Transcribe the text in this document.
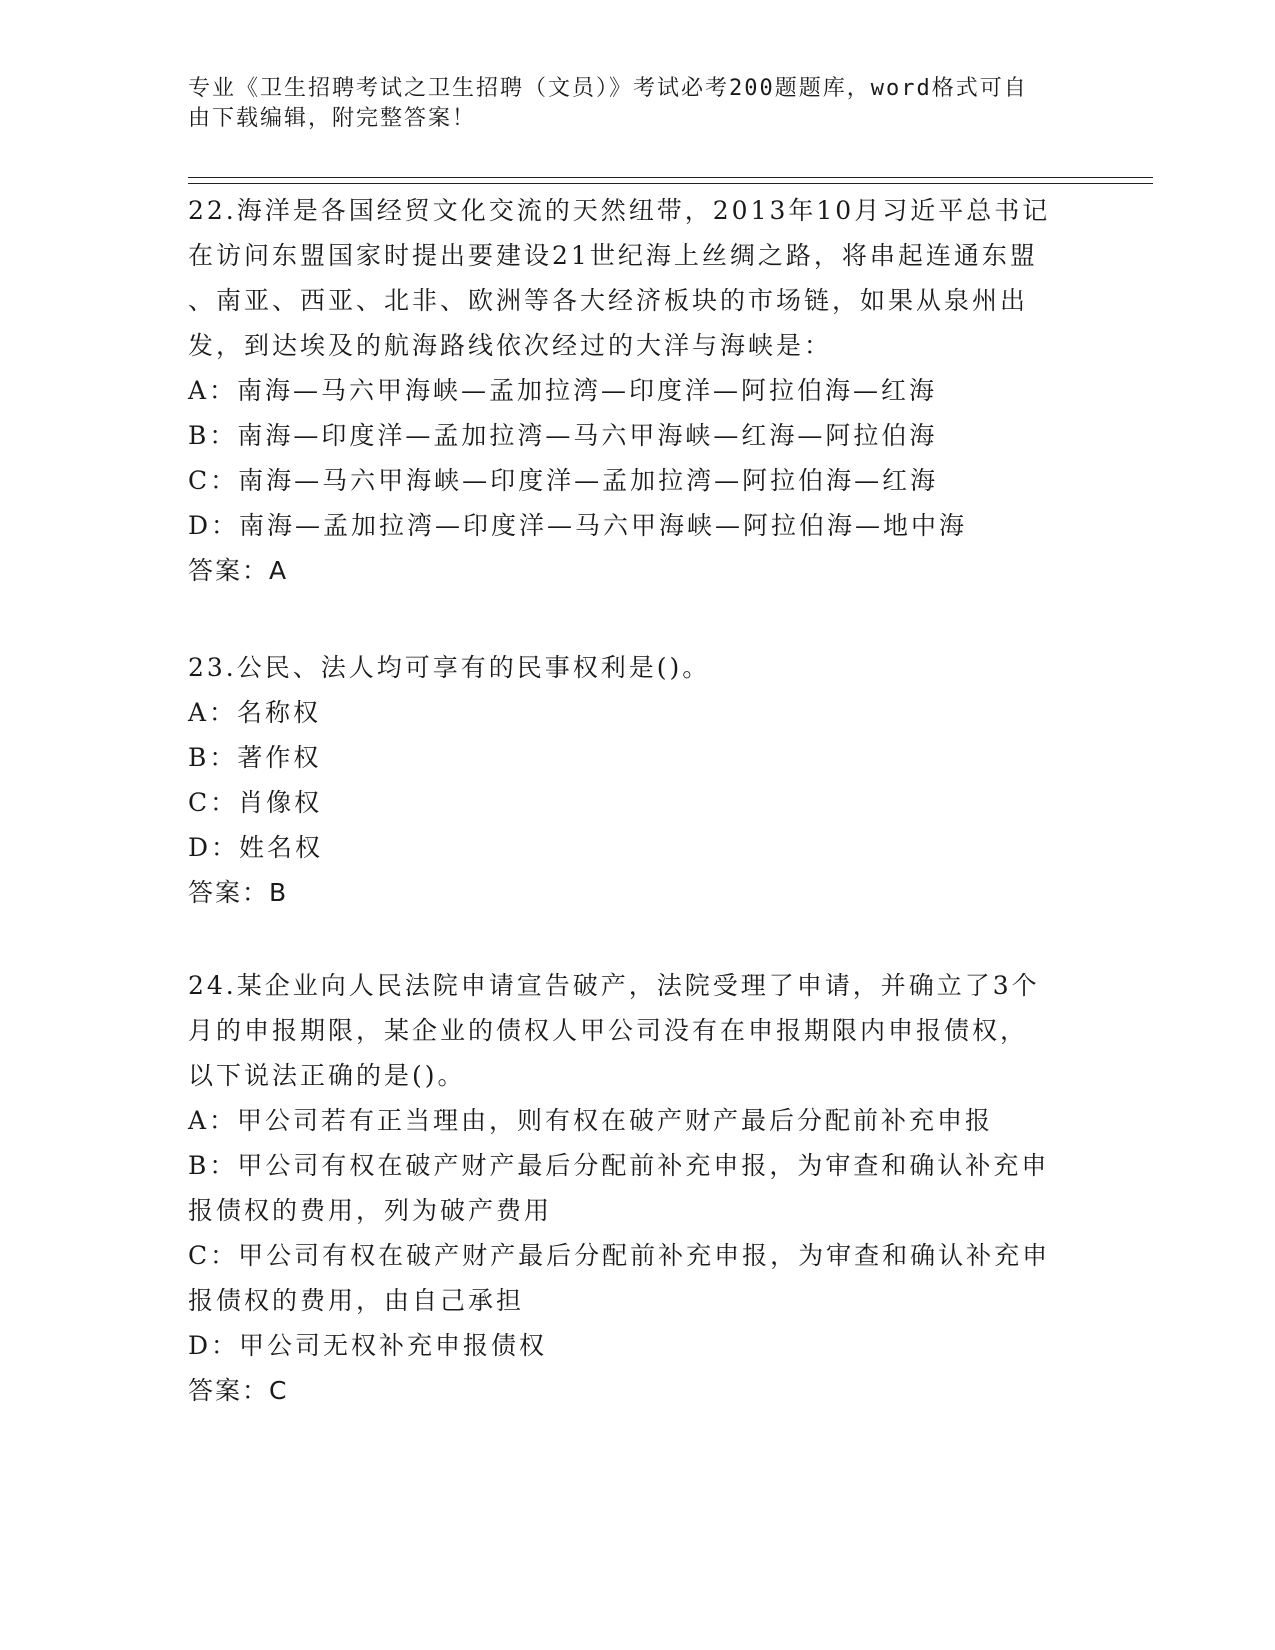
专业《卫生招聘考试之卫生招聘（文员）》考试必考200题题库，word格式可自
由下载编辑，附完整答案！
22.海洋是各国经贸文化交流的天然纽带，2013年10月习近平总书记
在访问东盟国家时提出要建设21世纪海上丝绸之路，将串起连通东盟
、南亚、西亚、北非、欧洲等各大经济板块的市场链，如果从泉州出
发，到达埃及的航海路线依次经过的大洋与海峡是：
A：南海—马六甲海峡—孟加拉湾—印度洋—阿拉伯海—红海
B：南海—印度洋—孟加拉湾—马六甲海峡—红海—阿拉伯海
C：南海—马六甲海峡—印度洋—孟加拉湾—阿拉伯海—红海
D：南海—孟加拉湾—印度洋—马六甲海峡—阿拉伯海—地中海
答案：A
23.公民、法人均可享有的民事权利是()。
A：名称权
B：著作权
C：肖像权
D：姓名权
答案：B
24.某企业向人民法院申请宣告破产，法院受理了申请，并确立了3个
月的申报期限，某企业的债权人甲公司没有在申报期限内申报债权，
以下说法正确的是()。
A：甲公司若有正当理由，则有权在破产财产最后分配前补充申报
B：甲公司有权在破产财产最后分配前补充申报，为审查和确认补充申
报债权的费用，列为破产费用
C：甲公司有权在破产财产最后分配前补充申报，为审查和确认补充申
报债权的费用，由自己承担
D：甲公司无权补充申报债权
答案：C
